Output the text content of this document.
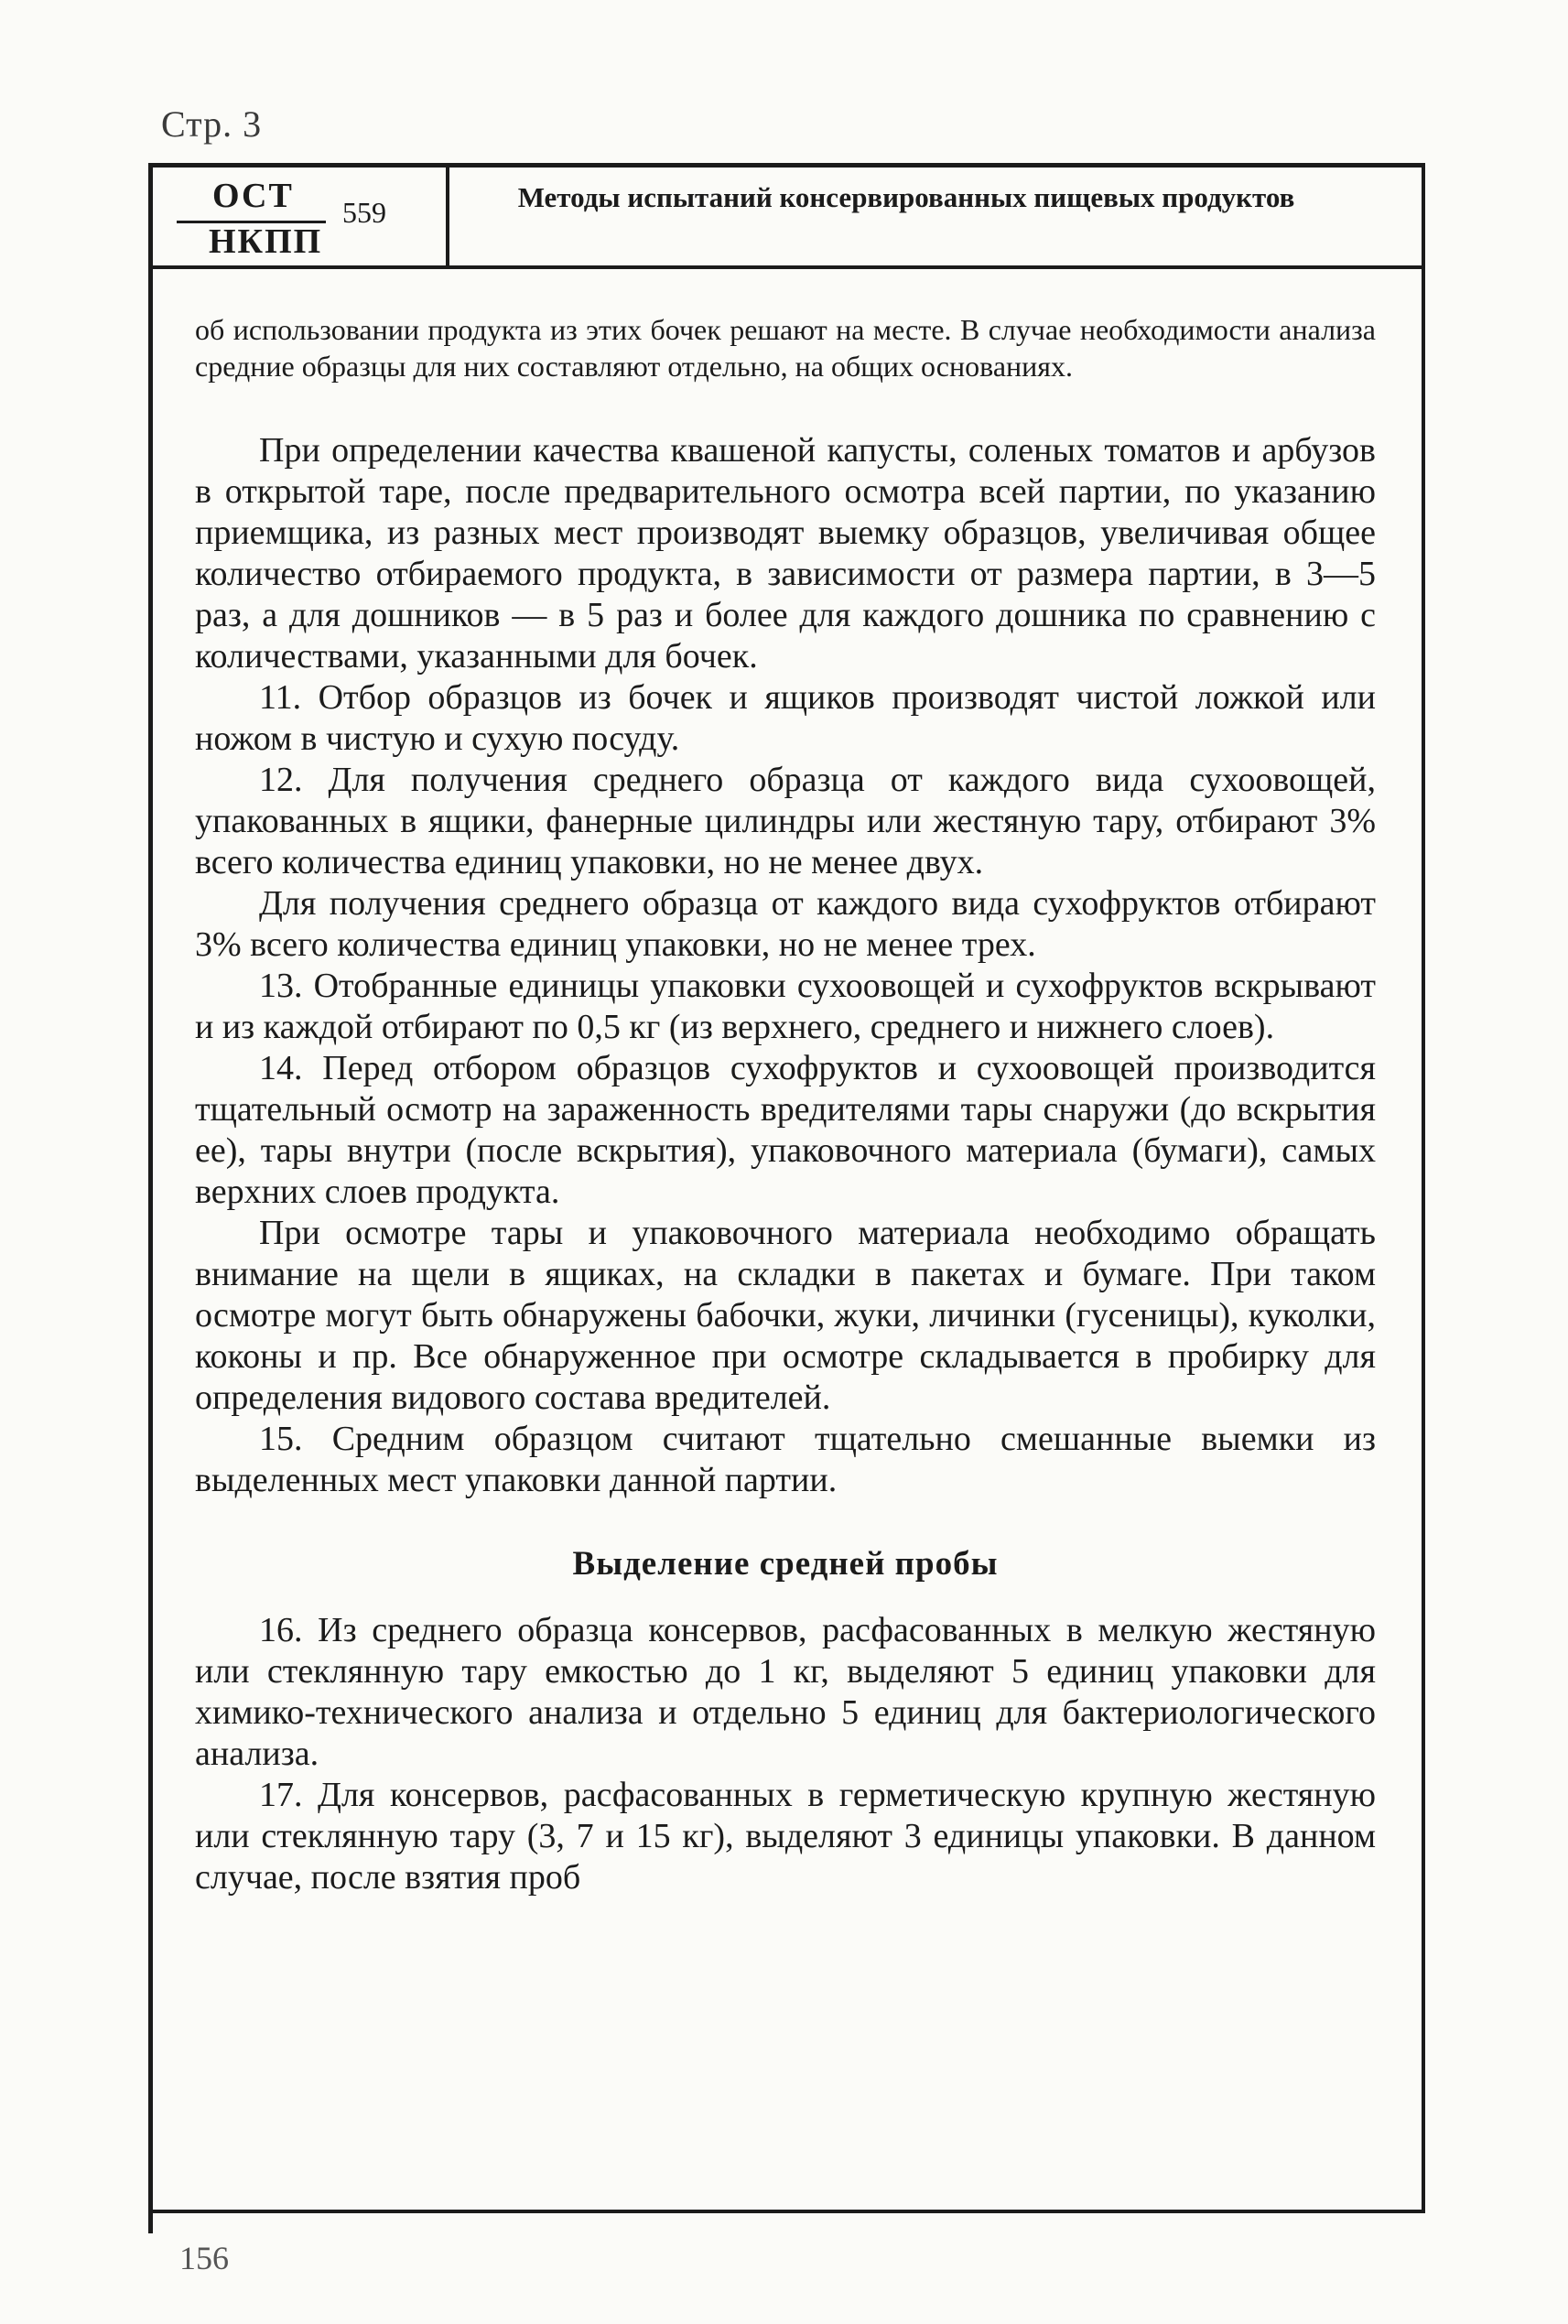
Стр. 3
ОСТ
НКПП
559	Методы испытаний консервированных пищевых продуктов
об использовании продукта из этих бочек решают на месте. В случае необходимости анализа средние образцы для них составляют отдельно, на общих основаниях.

При определении качества квашеной капусты, соленых томатов и арбузов в открытой таре, после предварительного осмотра всей партии, по указанию приемщика, из разных мест производят выемку образцов, увеличивая общее количество отбираемого продукта, в зависимости от размера партии, в 3—5 раз, а для дошников — в 5 раз и более для каждого дошника по сравнению с количествами, указанными для бочек.

11. Отбор образцов из бочек и ящиков производят чистой ложкой или ножом в чистую и сухую посуду.

12. Для получения среднего образца от каждого вида сухоовощей, упакованных в ящики, фанерные цилиндры или жестяную тару, отбирают 3% всего количества единиц упаковки, но не менее двух.

Для получения среднего образца от каждого вида сухофруктов отбирают 3% всего количества единиц упаковки, но не менее трех.

13. Отобранные единицы упаковки сухоовощей и сухофруктов вскрывают и из каждой отбирают по 0,5 кг (из верхнего, среднего и нижнего слоев).

14. Перед отбором образцов сухофруктов и сухоовощей производится тщательный осмотр на зараженность вредителями тары снаружи (до вскрытия ее), тары внутри (после вскрытия), упаковочного материала (бумаги), самых верхних слоев продукта.

При осмотре тары и упаковочного материала необходимо обращать внимание на щели в ящиках, на складки в пакетах и бумаге. При таком осмотре могут быть обнаружены бабочки, жуки, личинки (гусеницы), куколки, коконы и пр. Все обнаруженное при осмотре складывается в пробирку для определения видового состава вредителей.

15. Средним образцом считают тщательно смешанные выемки из выделенных мест упаковки данной партии.

Выделение средней пробы

16. Из среднего образца консервов, расфасованных в мелкую жестяную или стеклянную тару емкостью до 1 кг, выделяют 5 единиц упаковки для химико-технического анализа и отдельно 5 единиц для бактериологического анализа.

17. Для консервов, расфасованных в герметическую крупную жестяную или стеклянную тару (3, 7 и 15 кг), выделяют 3 единицы упаковки. В данном случае, после взятия проб

156
